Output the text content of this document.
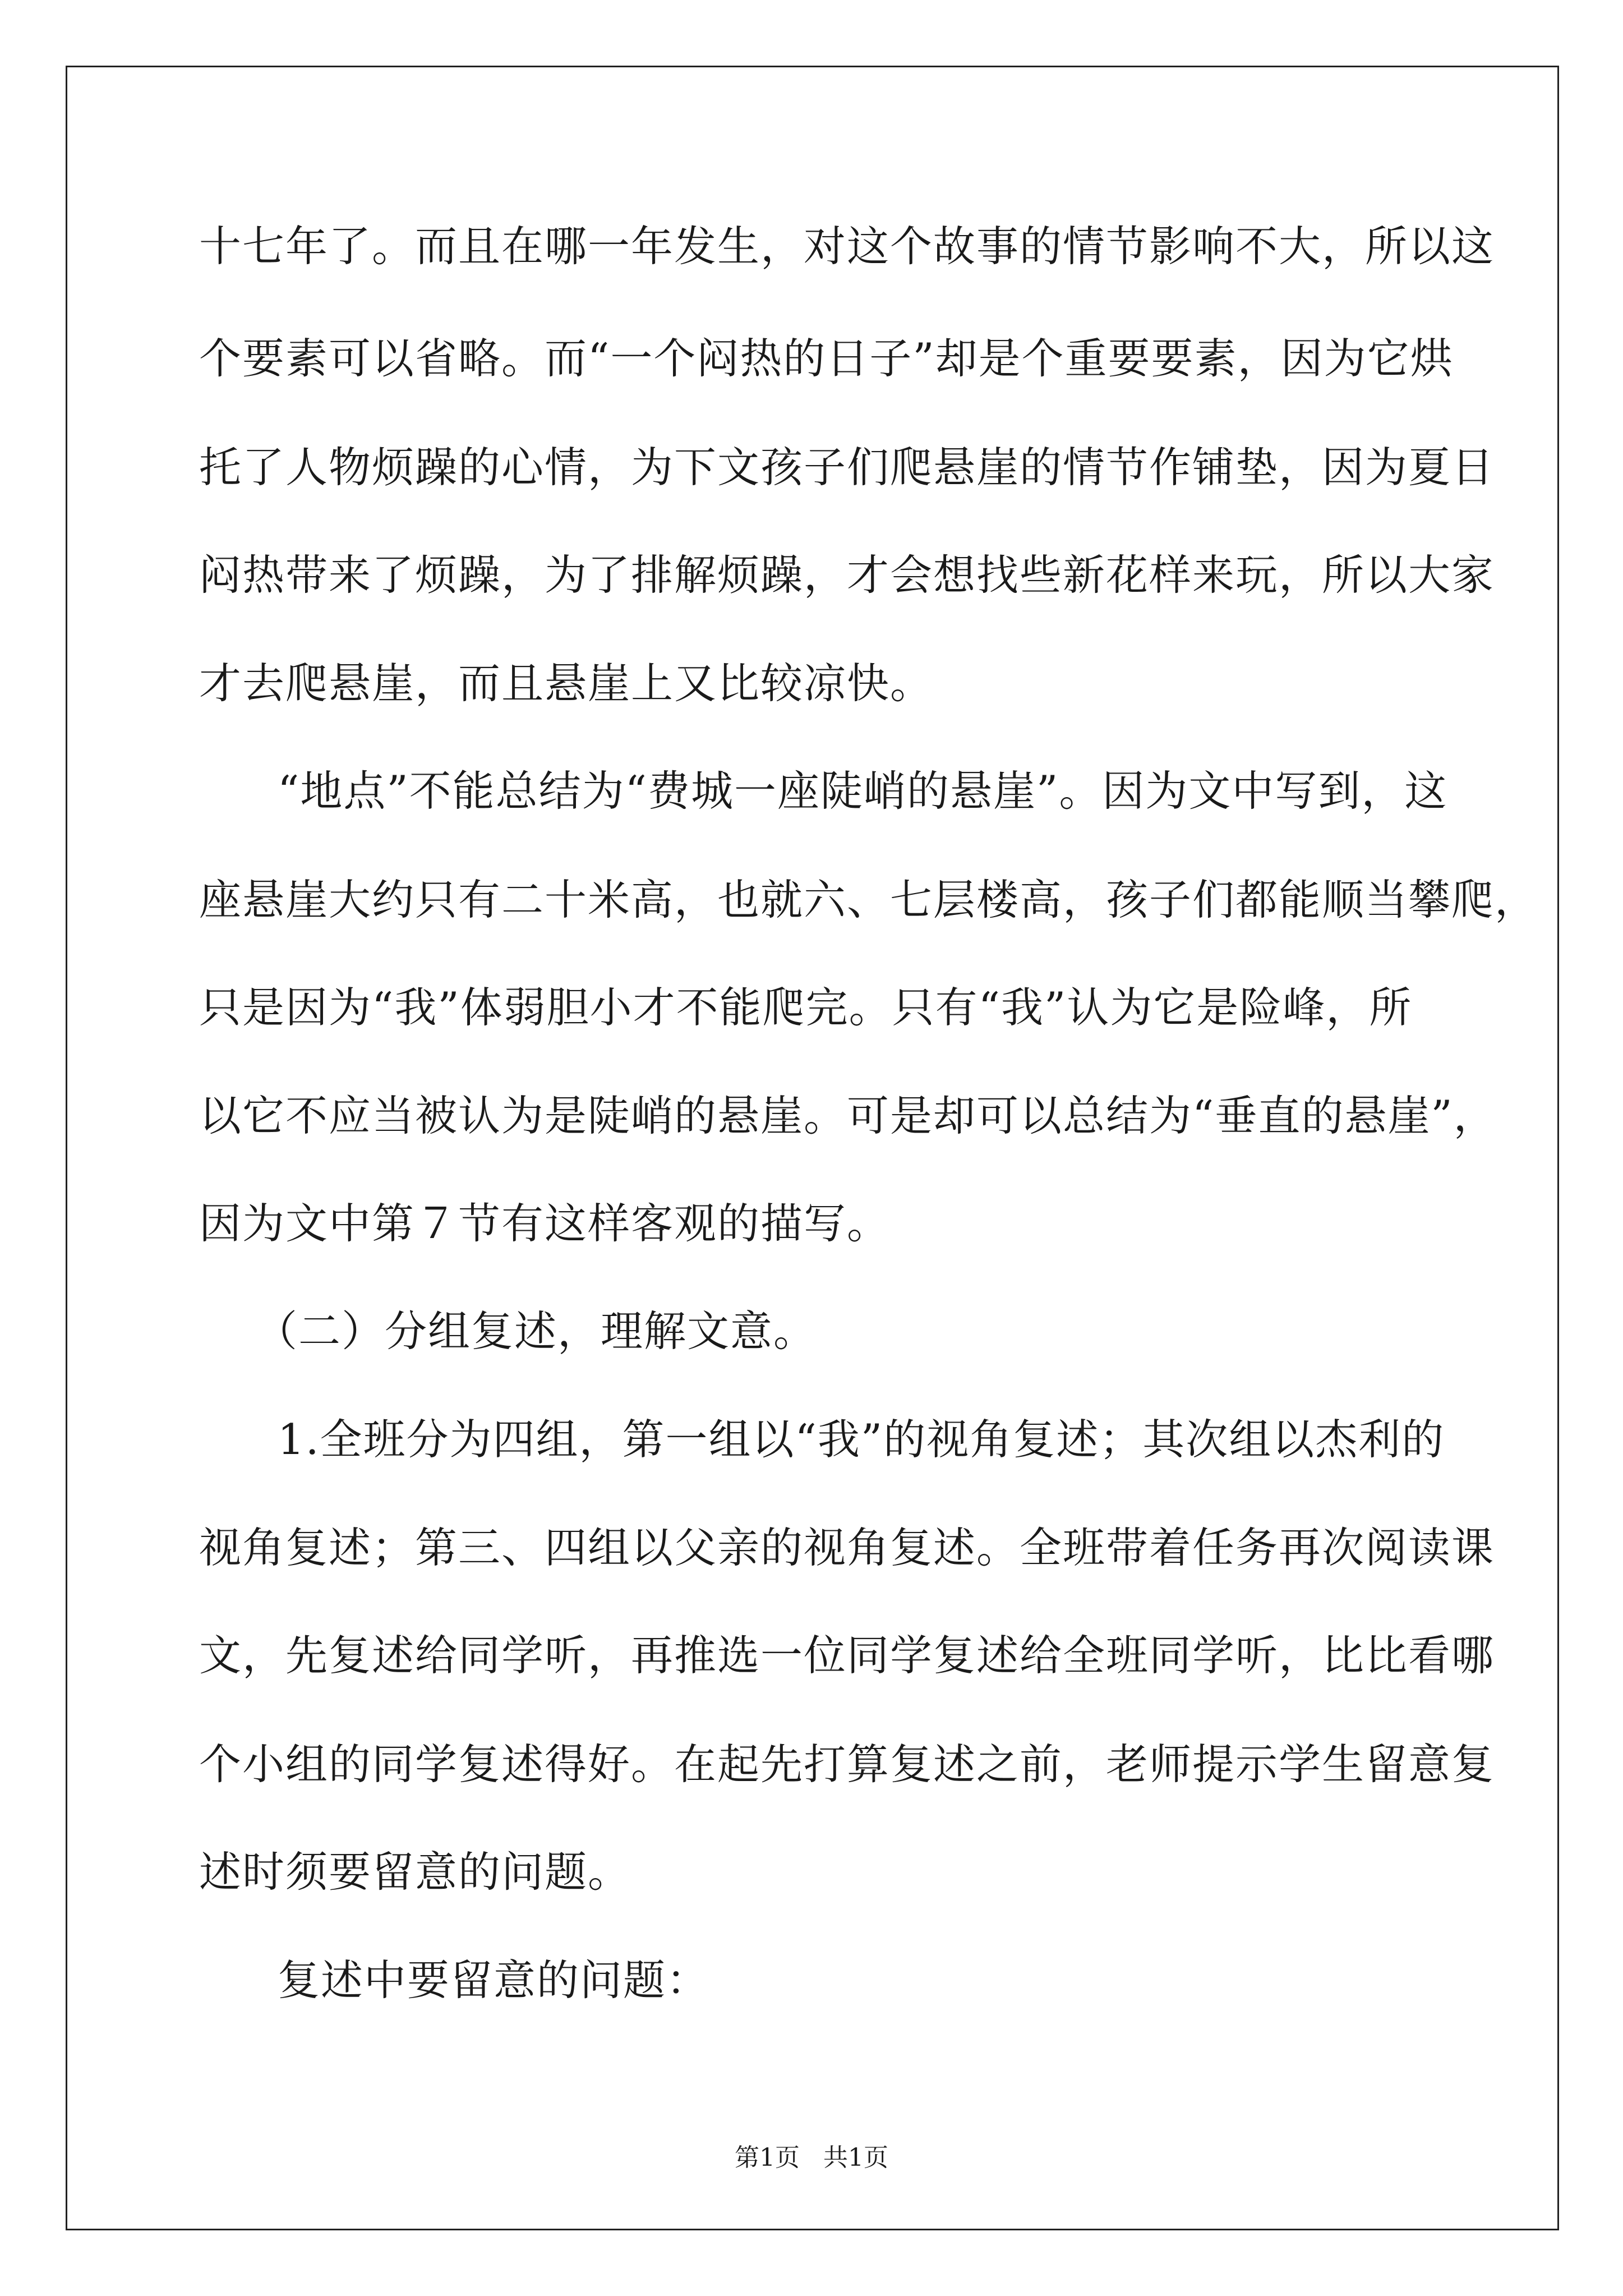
十七年了。而且在哪一年发生，对这个故事的情节影响不大，所以这
个要素可以省略。而“一个闷热的日子”却是个重要要素，因为它烘
托了人物烦躁的心情，为下文孩子们爬悬崖的情节作铺垫，因为夏日
闷热带来了烦躁，为了排解烦躁，才会想找些新花样来玩，所以大家
才去爬悬崖，而且悬崖上又比较凉快。
“地点”不能总结为“费城一座陡峭的悬崖”。因为文中写到，这
座悬崖大约只有二十米高，也就六、七层楼高，孩子们都能顺当攀爬，
只是因为“我”体弱胆小才不能爬完。只有“我”认为它是险峰，所
以它不应当被认为是陡峭的悬崖。可是却可以总结为“垂直的悬崖”，
因为文中第７节有这样客观的描写。
（二）分组复述，理解文意。
1.全班分为四组，第一组以“我”的视角复述；其次组以杰利的
视角复述；第三、四组以父亲的视角复述。全班带着任务再次阅读课
文，先复述给同学听，再推选一位同学复述给全班同学听，比比看哪
个小组的同学复述得好。在起先打算复述之前，老师提示学生留意复
述时须要留意的问题。
复述中要留意的问题：
第1页   共1页
